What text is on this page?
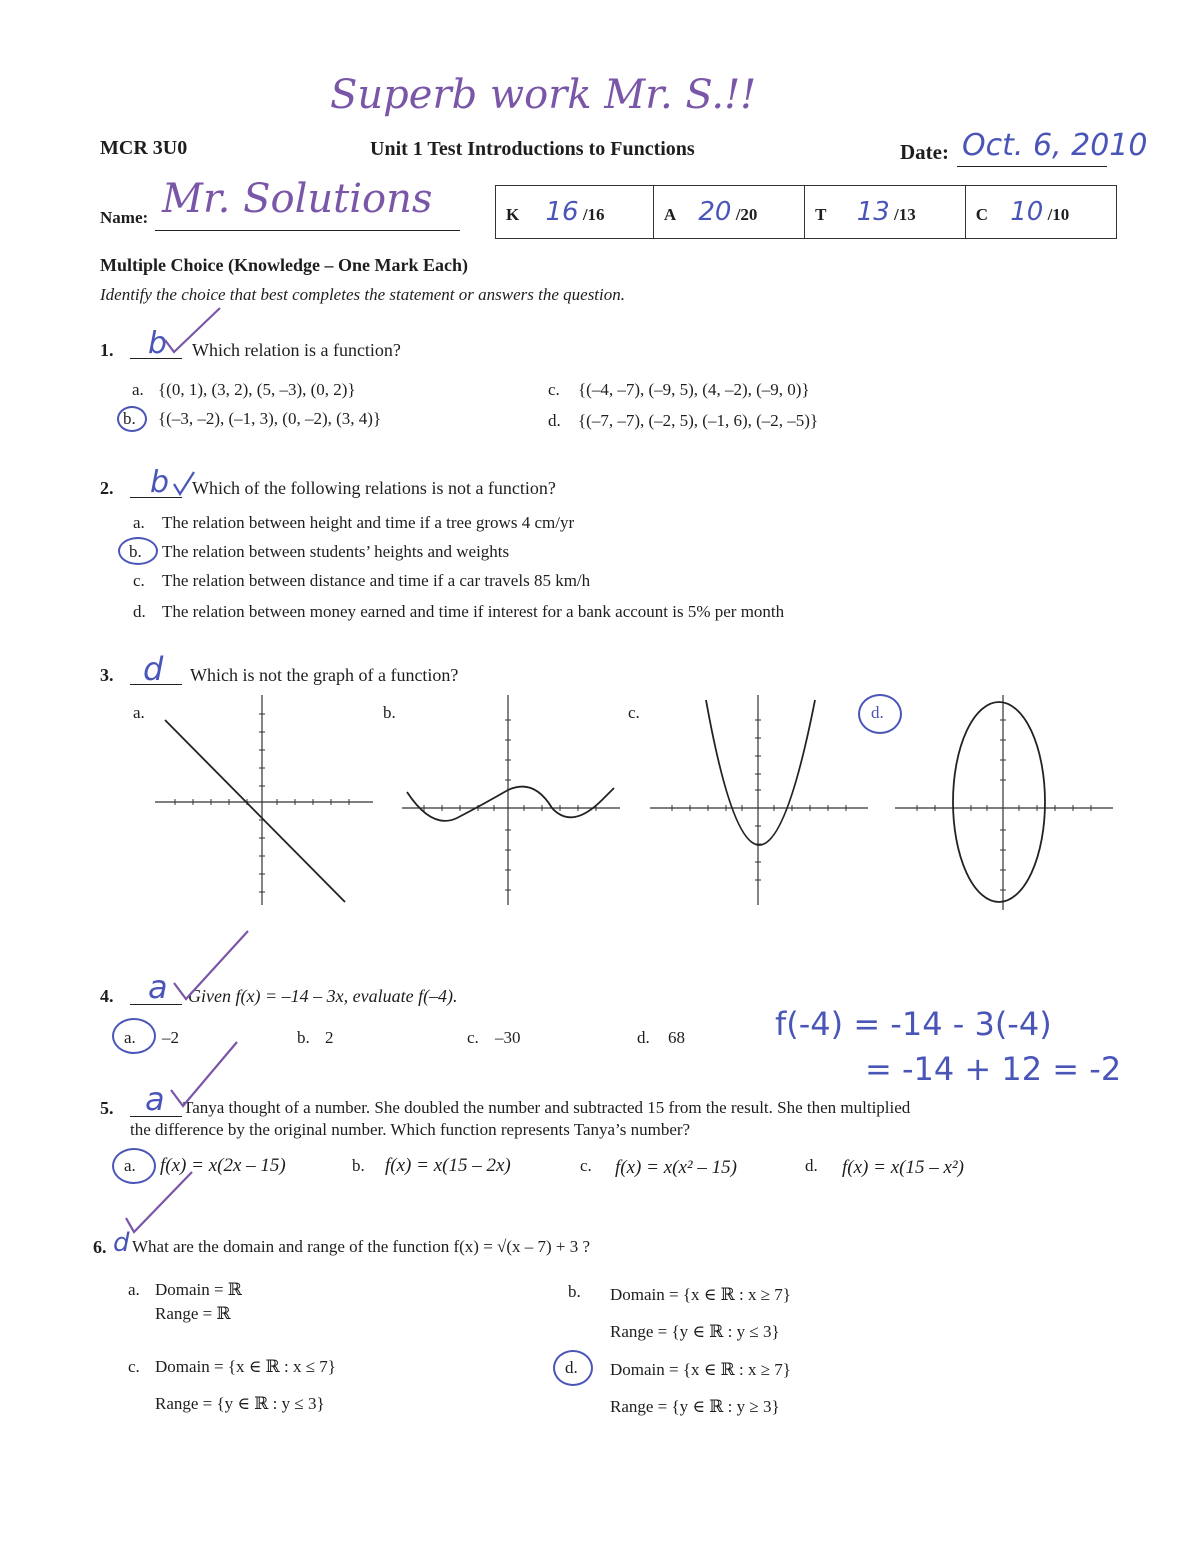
Superb work Mr. S.!!
MCR 3U0	Unit 1 Test Introductions to Functions	Date: Oct. 6, 2010
Name: Mr. Solutions	K 16 /16	A 20 /20	T 13 /13	C 10 /10
Multiple Choice (Knowledge – One Mark Each)
Identify the choice that best completes the statement or answers the question.
1. b Which relation is a function?
a. {(0, 1), (3, 2), (5, –3), (0, 2)}
b. {(–3, –2), (–1, 3), (0, –2), (3, 4)}
c. {(–4, –7), (–9, 5), (4, –2), (–9, 0)}
d. {(–7, –7), (–2, 5), (–1, 6), (–2, –5)}
2. b Which of the following relations is not a function?
a. The relation between height and time if a tree grows 4 cm/yr
b. The relation between students’ heights and weights
c. The relation between distance and time if a car travels 85 km/h
d. The relation between money earned and time if interest for a bank account is 5% per month
3. d Which is not the graph of a function?
a.	b.	c.	d.
4. a Given f(x) = –14 – 3x, evaluate f(–4).
a. –2	b. 2	c. –30	d. 68	f(-4) = -14 - 3(-4)
= -14 + 12 = -2
5. a Tanya thought of a number. She doubled the number and subtracted 15 from the result. She then multiplied
the difference by the original number. Which function represents Tanya’s number?
a. f(x) = x(2x – 15)	b. f(x) = x(15 – 2x)	c. f(x) = x(x² – 15)	d. f(x) = x(15 – x²)
6. d What are the domain and range of the function f(x) = √(x – 7) + 3 ?
a. Domain = ℝ
Range = ℝ
b. Domain = {x ∈ ℝ : x ≥ 7}
Range = {y ∈ ℝ : y ≤ 3}
c. Domain = {x ∈ ℝ : x ≤ 7}
Range = {y ∈ ℝ : y ≤ 3}
d. Domain = {x ∈ ℝ : x ≥ 7}
Range = {y ∈ ℝ : y ≥ 3}
